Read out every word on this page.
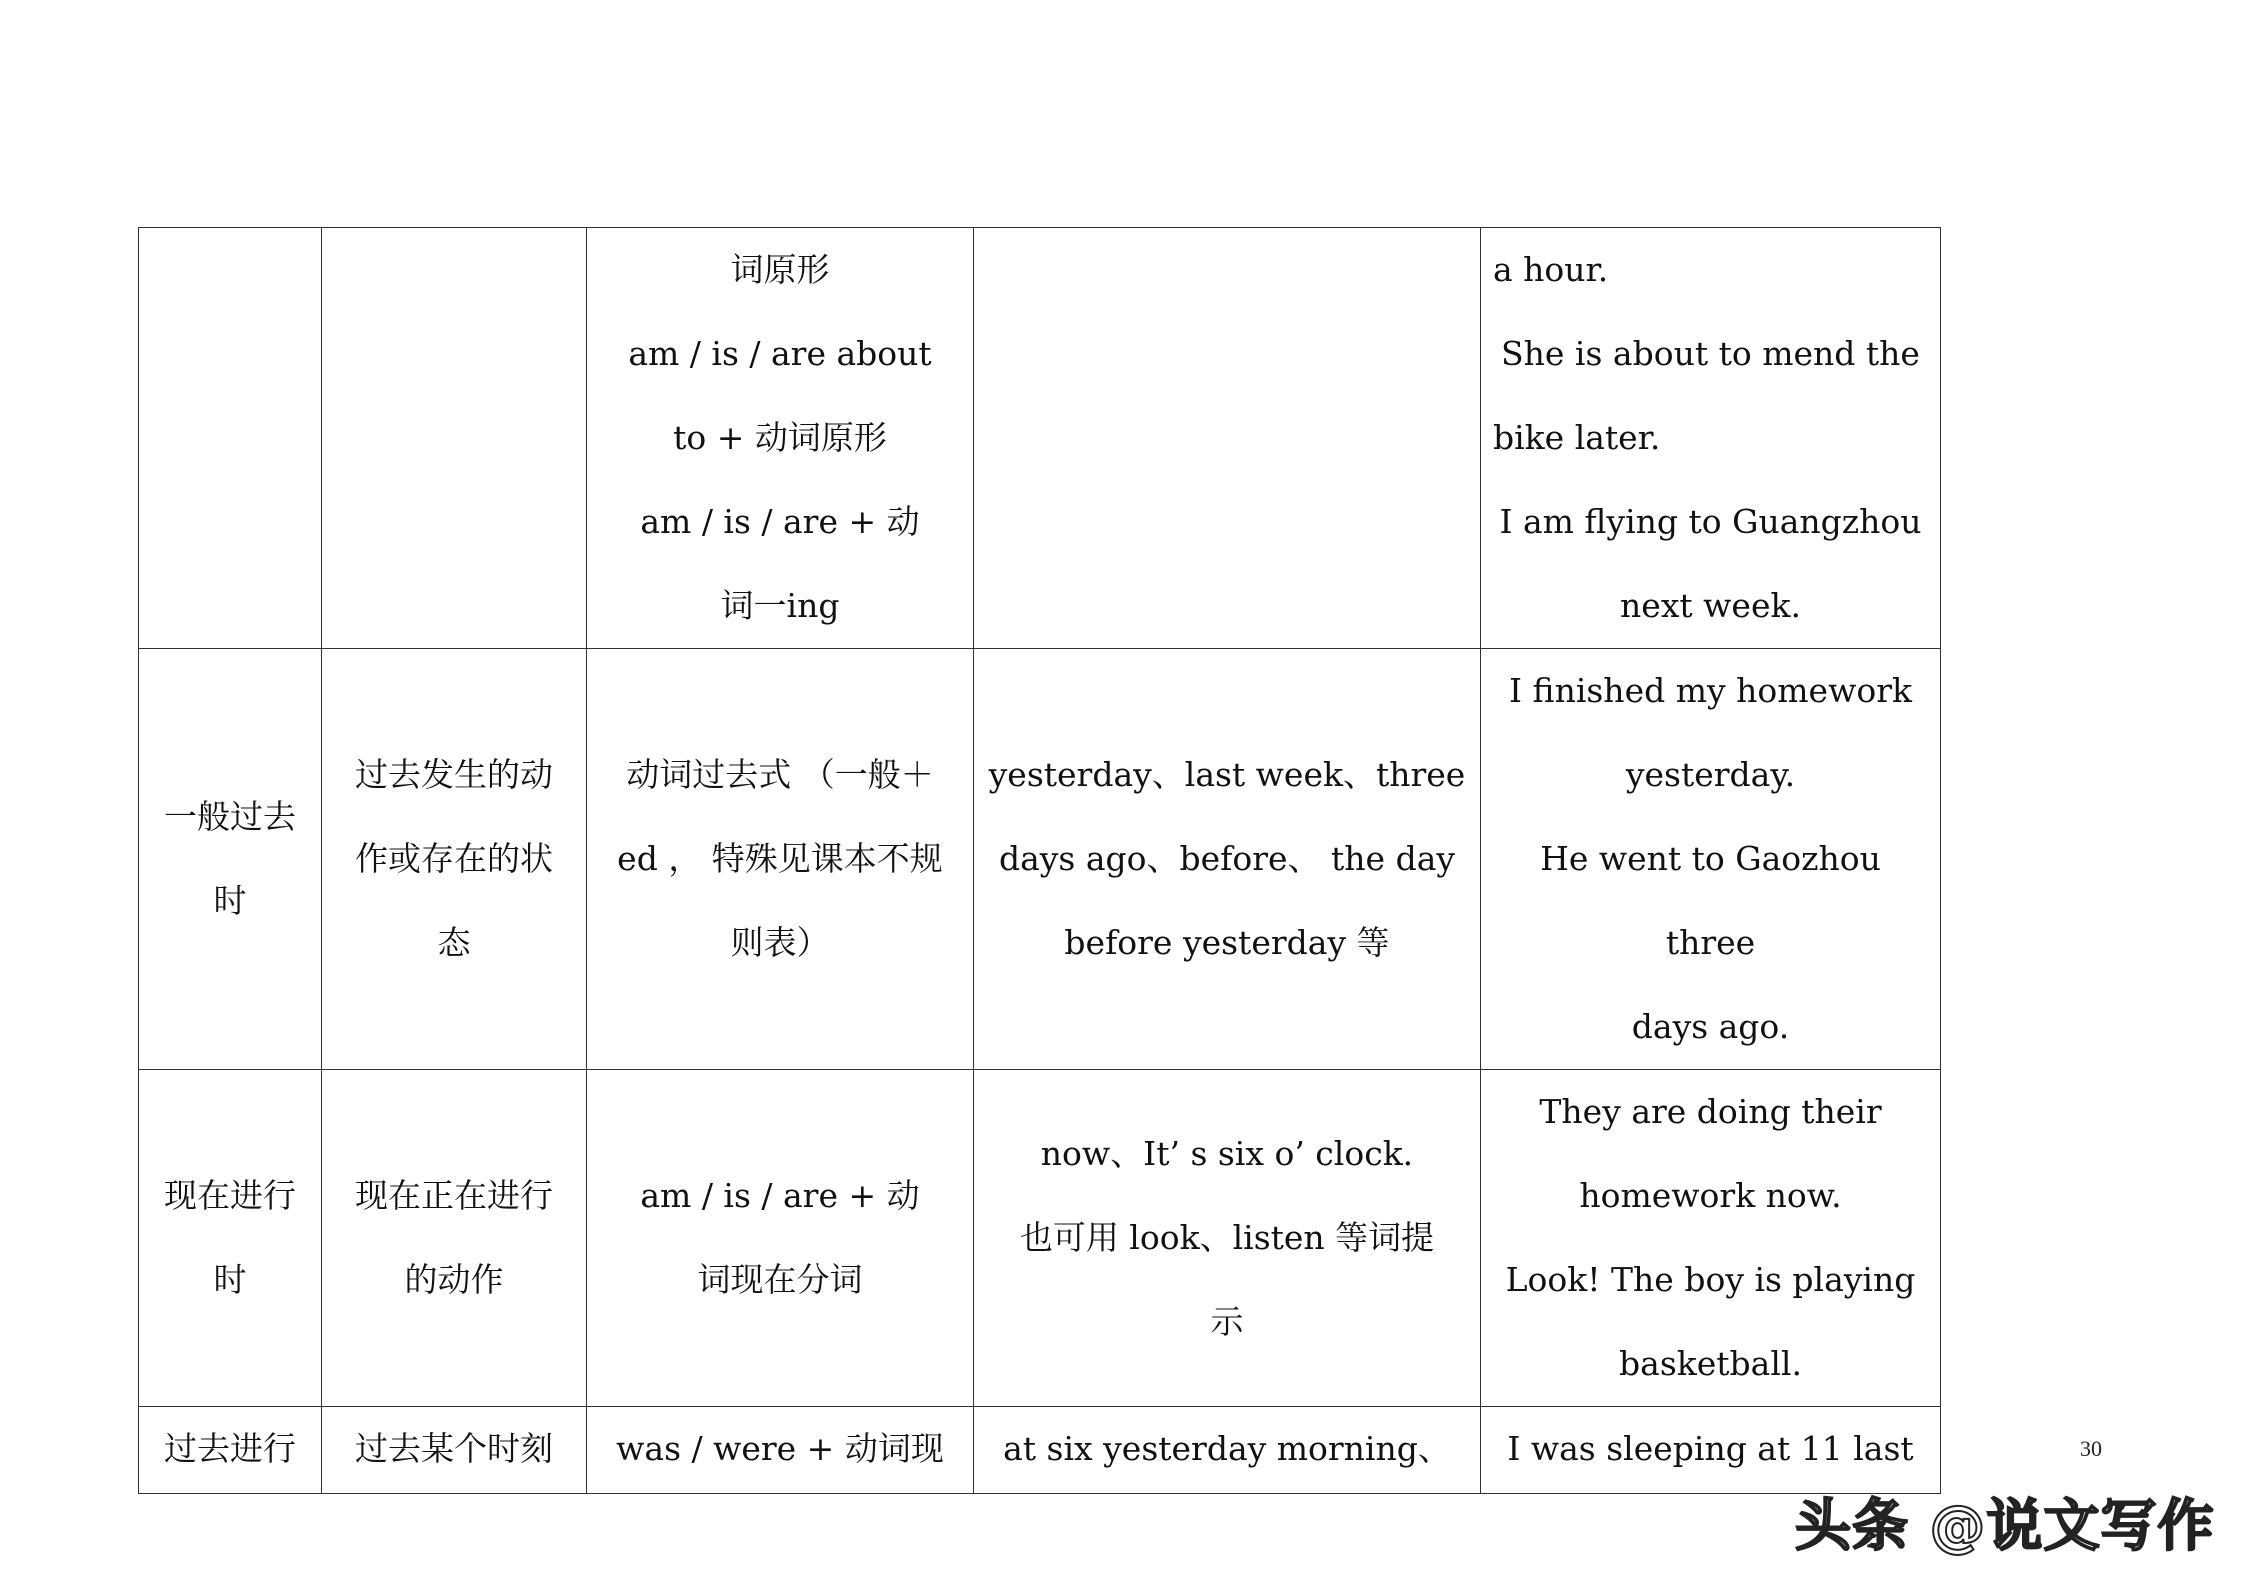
		词原形
am / is / are about
to + 动词原形
am / is / are + 动
词一ing		a hour.
She is about to mend the
bike later.
I am flying to Guangzhou
next week.

一般过去
时	过去发生的动
作或存在的状
态	动词过去式 （一般＋
ed ， 特殊见课本不规
则表）	yesterday、last week、three
days ago、before、 the day
before yesterday 等	I finished my homework
yesterday.
He went to Gaozhou three
days ago.

现在进行
时	现在正在进行
的动作	am / is / are + 动
词现在分词	now、It’ s six o’ clock.
也可用 look、listen 等词提
示	They are doing their
homework now.
Look! The boy is playing
basketball.

过去进行	过去某个时刻	was / were + 动词现	at six yesterday morning、	I was sleeping at 11 last	30
头条 @说文写作
